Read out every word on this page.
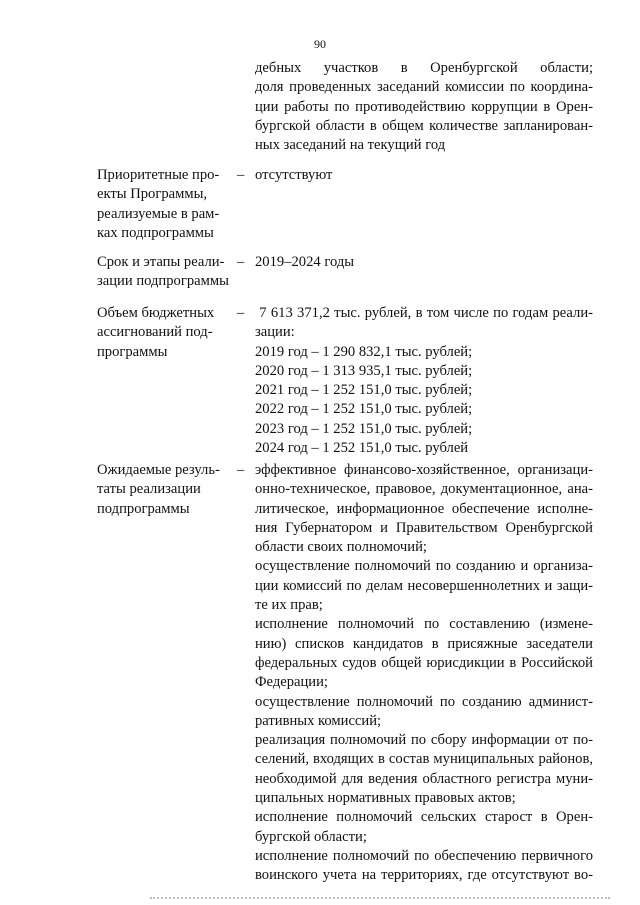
90
дебных участков в Оренбургской области;
доля проведенных заседаний комиссии по координа-
ции работы по противодействию коррупции в Орен-
бургской области в общем количестве запланирован-
ных заседаний на текущий год
Приоритетные про-
екты Программы,
реализуемые в рам-
ках подпрограммы
– отсутствуют
Срок и этапы реали-
зации подпрограммы
– 2019–2024 годы
Объем бюджетных
ассигнований под-
программы
– 7 613 371,2 тыс. рублей, в том числе по годам реали-
зации:
2019 год – 1 290 832,1 тыс. рублей;
2020 год – 1 313 935,1 тыс. рублей;
2021 год – 1 252 151,0 тыс. рублей;
2022 год – 1 252 151,0 тыс. рублей;
2023 год – 1 252 151,0 тыс. рублей;
2024 год – 1 252 151,0 тыс. рублей
Ожидаемые резуль-
таты реализации
подпрограммы
– эффективное финансово-хозяйственное, организаци-
онно-техническое, правовое, документационное, ана-
литическое, информационное обеспечение исполне-
ния Губернатором и Правительством Оренбургской
области своих полномочий;
осуществление полномочий по созданию и организа-
ции комиссий по делам несовершеннолетних и защи-
те их прав;
исполнение полномочий по составлению (измене-
нию) списков кандидатов в присяжные заседатели
федеральных судов общей юрисдикции в Российской
Федерации;
осуществление полномочий по созданию админист-
ративных комиссий;
реализация полномочий по сбору информации от по-
селений, входящих в состав муниципальных районов,
необходимой для ведения областного регистра муни-
ципальных нормативных правовых актов;
исполнение полномочий сельских старост в Орен-
бургской области;
исполнение полномочий по обеспечению первичного
воинского учета на территориях, где отсутствуют во-
